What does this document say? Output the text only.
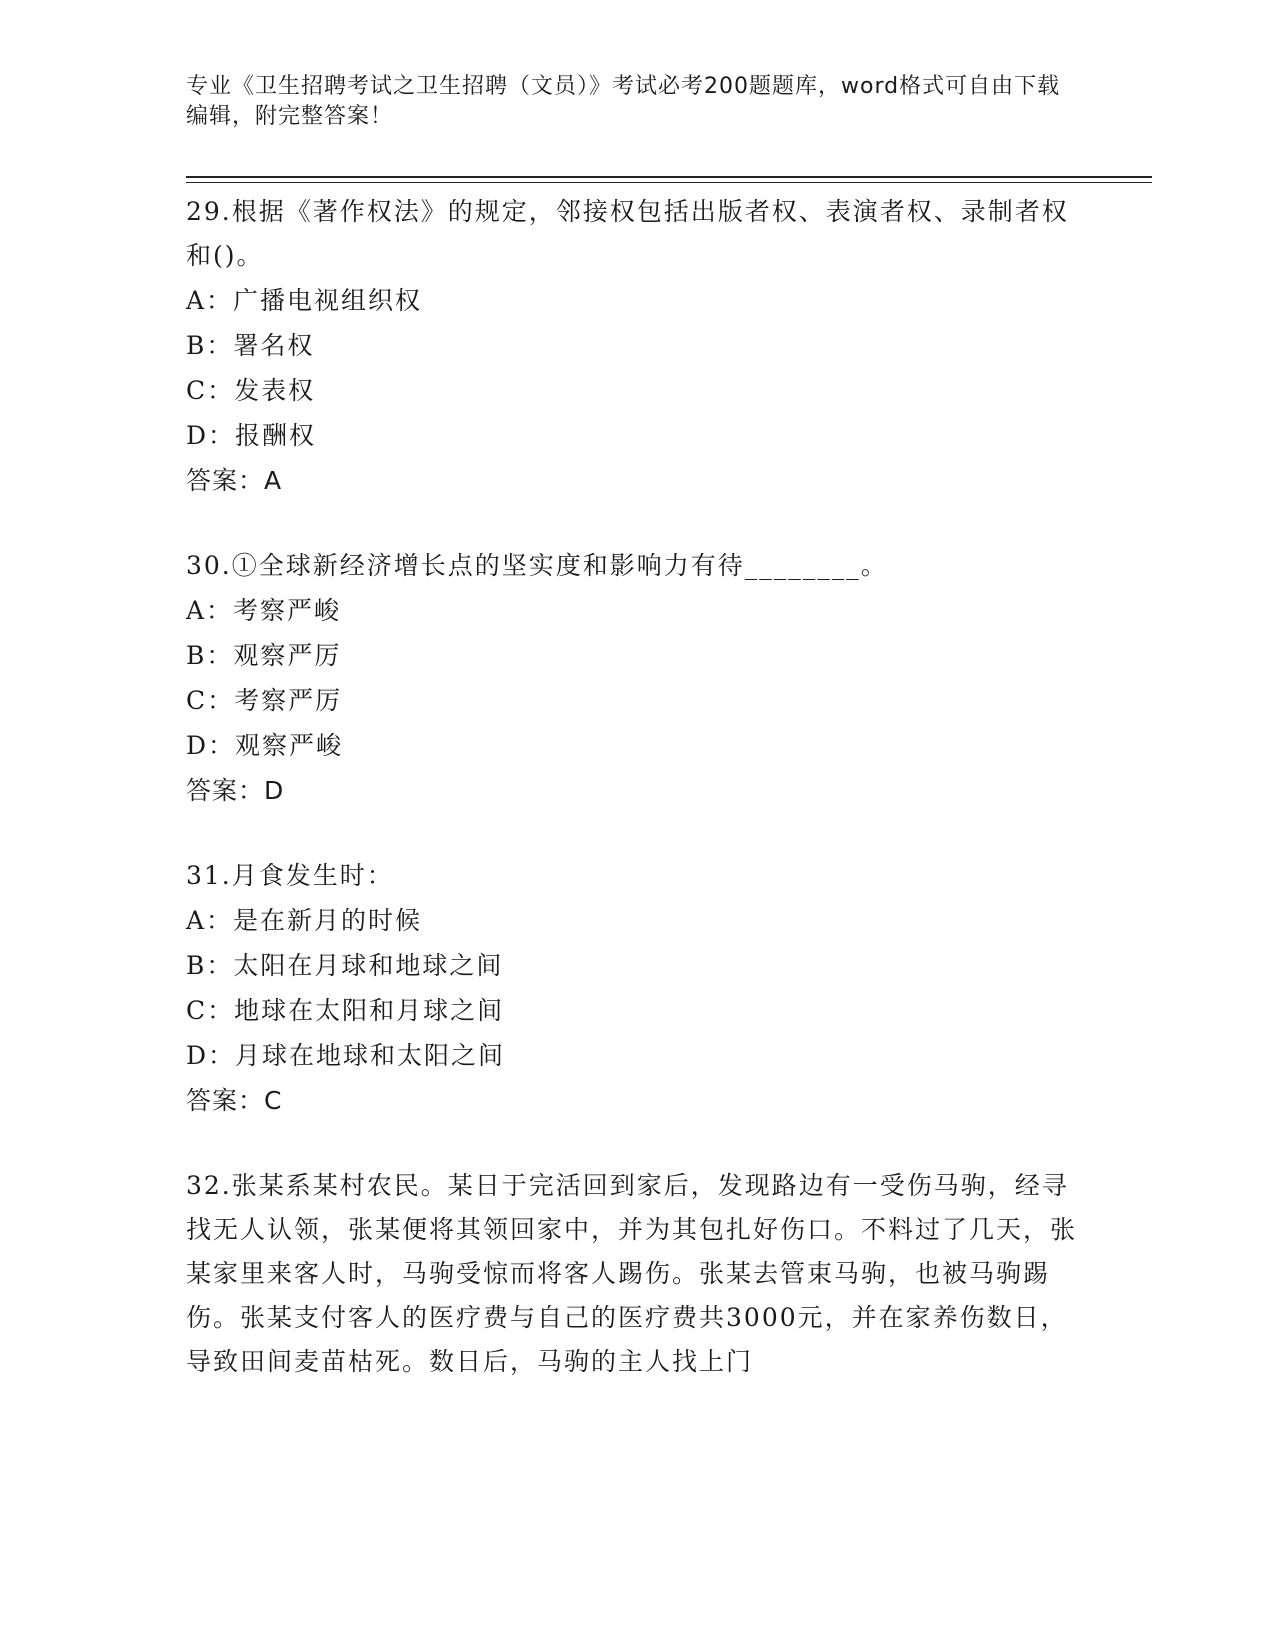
专业《卫生招聘考试之卫生招聘（文员）》考试必考200题题库，word格式可自由下载编辑，附完整答案！

29.根据《著作权法》的规定，邻接权包括出版者权、表演者权、录制者权和()。

A：广播电视组织权

B：署名权

C：发表权

D：报酬权

答案：A

30.①全球新经济增长点的坚实度和影响力有待________。

A：考察严峻

B：观察严厉

C：考察严厉

D：观察严峻

答案：D

31.月食发生时：

A：是在新月的时候

B：太阳在月球和地球之间

C：地球在太阳和月球之间

D：月球在地球和太阳之间

答案：C

32.张某系某村农民。某日于完活回到家后，发现路边有一受伤马驹，经寻找无人认领，张某便将其领回家中，并为其包扎好伤口。不料过了几天，张某家里来客人时，马驹受惊而将客人踢伤。张某去管束马驹，也被马驹踢伤。张某支付客人的医疗费与自己的医疗费共3000元，并在家养伤数日，导致田间麦苗枯死。数日后，马驹的主人找上门
